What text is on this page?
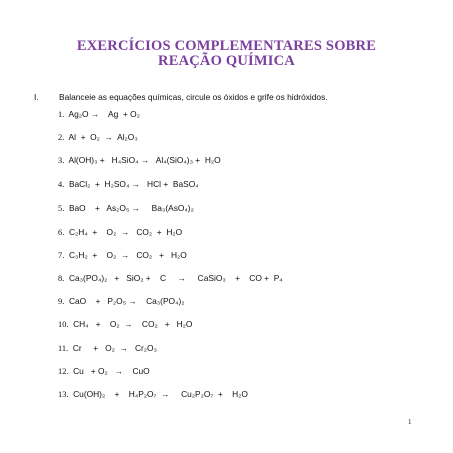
EXERCÍCIOS COMPLEMENTARES SOBRE
REAÇÃO QUÍMICA
I. Balanceie as equações químicas, circule os óxidos e grife os hidróxidos.
1. Ag₂O →    Ag  + O₂
2. Al  +  O₂  →  Al₂O₃
3. Al(OH)₃ +   H₄SiO₄ →   Al₄(SiO₄)₃ +  H₂O
4. BaCl₂  +  H₂SO₄ →   HCl +  BaSO₄
5. BaO    +   As₂O₅ →     Ba₃(AsO₄)₂
6. C₂H₄  +    O₂  →   CO₂  +  H₂O
7. C₃H₂  +    O₂  →   CO₂   +   H₂O
8. Ca₃(PO₄)₂   +   SiO₂ +    C     →     CaSiO₃    +    CO +  P₄
9. CaO    +   P₂O₅ →    Ca₃(PO₄)₂
10. CH₄   +    O₂  →    CO₂   +   H₂O
11. Cr     +   O₂  →   Cr₂O₃
12. Cu   + O₂   →    CuO
13. Cu(OH)₂    +    H₄P₂O₇  →     Cu₂P₂O₇  +    H₂O
1
